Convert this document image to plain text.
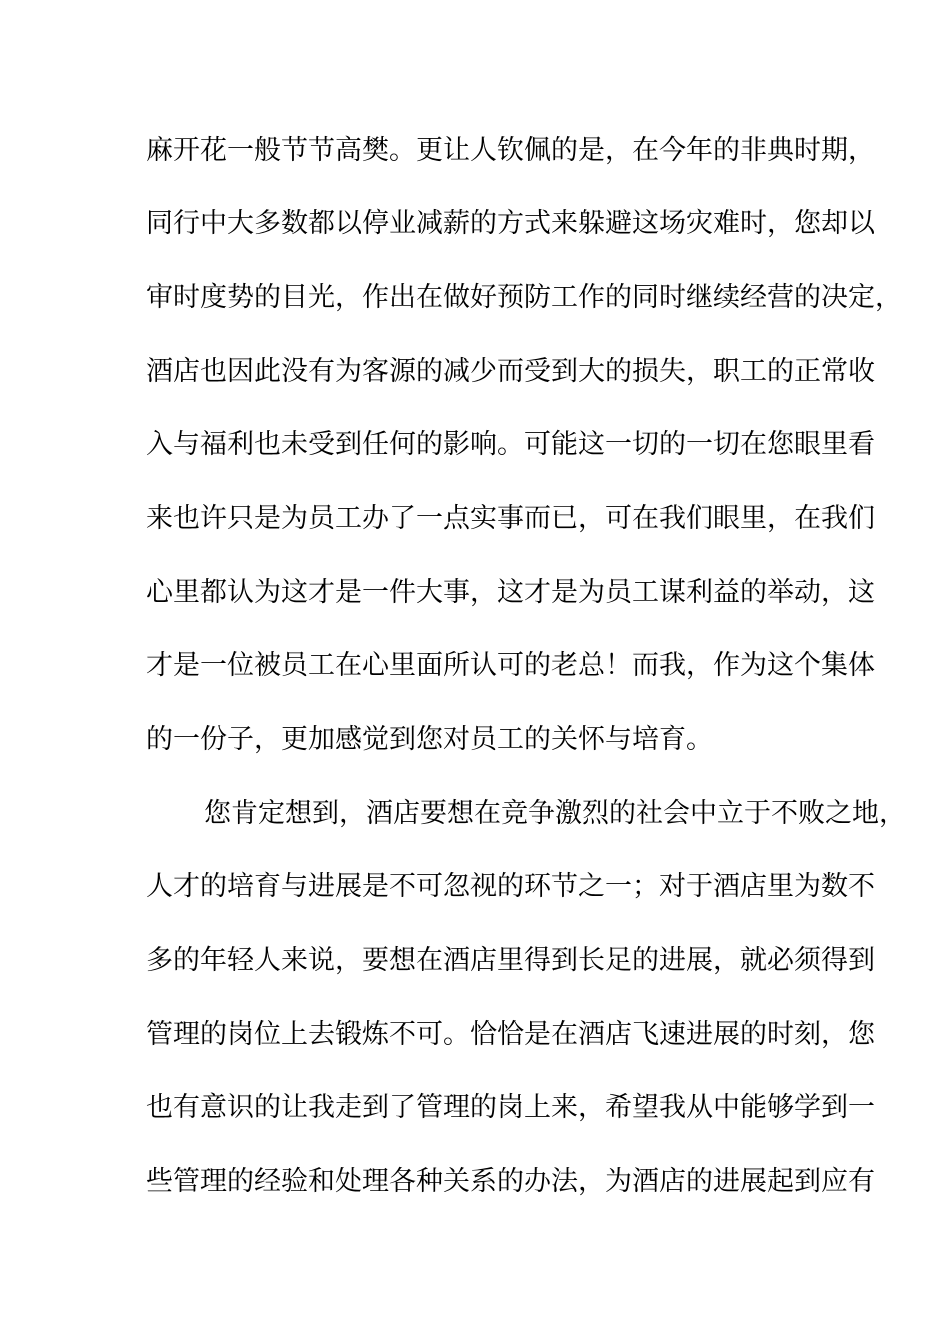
麻开花一般节节高樊。更让人钦佩的是，在今年的非典时期，
同行中大多数都以停业减薪的方式来躲避这场灾难时，您却以
审时度势的目光，作出在做好预防工作的同时继续经营的决定，
酒店也因此没有为客源的减少而受到大的损失，职工的正常收
入与福利也未受到任何的影响。可能这一切的一切在您眼里看
来也许只是为员工办了一点实事而已，可在我们眼里，在我们
心里都认为这才是一件大事，这才是为员工谋利益的举动，这
才是一位被员工在心里面所认可的老总！而我，作为这个集体
的一份子，更加感觉到您对员工的关怀与培育。
您肯定想到，酒店要想在竞争激烈的社会中立于不败之地，
人才的培育与进展是不可忽视的环节之一；对于酒店里为数不
多的年轻人来说，要想在酒店里得到长足的进展，就必须得到
管理的岗位上去锻炼不可。恰恰是在酒店飞速进展的时刻，您
也有意识的让我走到了管理的岗上来，希望我从中能够学到一
些管理的经验和处理各种关系的办法，为酒店的进展起到应有
